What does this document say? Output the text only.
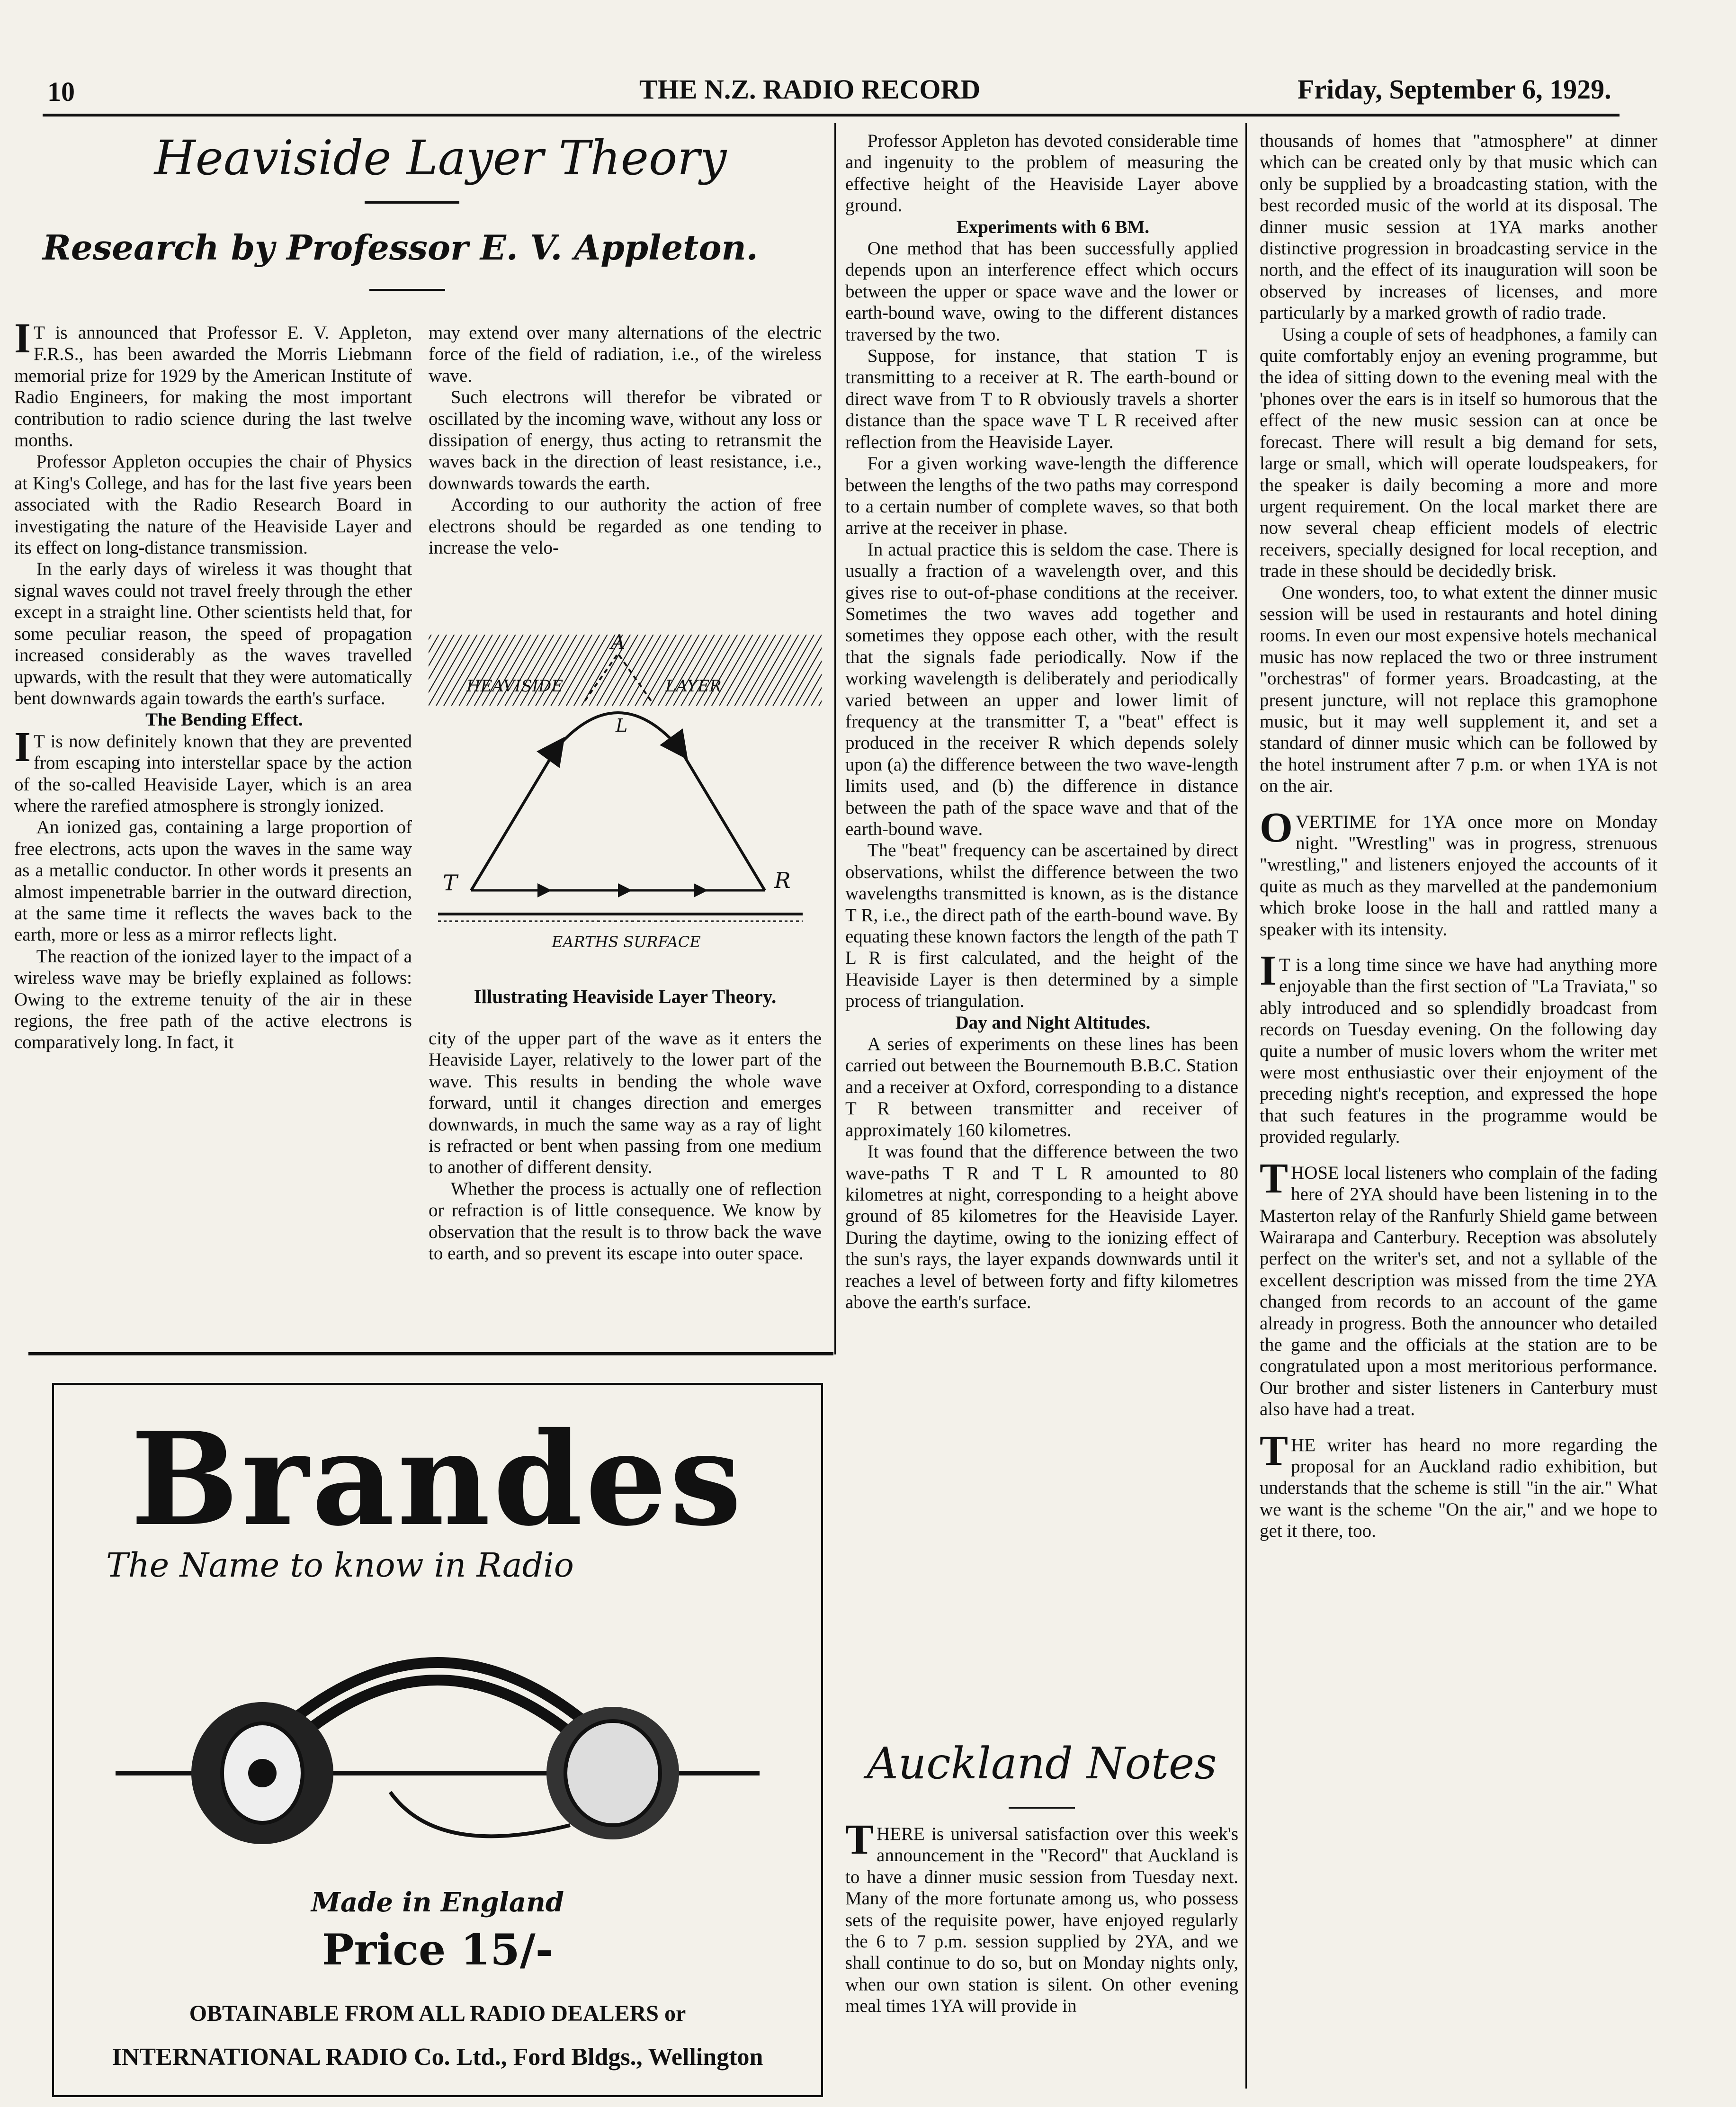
10	THE N.Z. RADIO RECORD	Friday, September 6, 1929.
Heaviside Layer Theory
Research by Professor E. V. Appleton.

IT is announced that Professor E. V. Appleton, F.R.S., has been awarded the Morris Liebmann memorial prize for 1929 by the American Institute of Radio Engineers, for making the most important contribution to radio science during the last twelve months.

Professor Appleton occupies the chair of Physics at King's College, and has for the last five years been associated with the Radio Research Board in investigating the nature of the Heaviside Layer and its effect on long-distance transmission.

In the early days of wireless it was thought that signal waves could not travel freely through the ether except in a straight line. Other scientists held that, for some peculiar reason, the speed of propagation increased considerably as the waves travelled upwards, with the result that they were automatically bent downwards again towards the earth's surface.

The Bending Effect.

IT is now definitely known that they are prevented from escaping into interstellar space by the action of the so-called Heaviside Layer, which is an area where the rarefied atmosphere is strongly ionized.

An ionized gas, containing a large proportion of free electrons, acts upon the waves in the same way as a metallic conductor. In other words it presents an almost impenetrable barrier in the outward direction, at the same time it reflects the waves back to the earth, more or less as a mirror reflects light.

The reaction of the ionized layer to the impact of a wireless wave may be briefly explained as follows: Owing to the extreme tenuity of the air in these regions, the free path of the active electrons is comparatively long. In fact, it

may extend over many alternations of the electric force of the field of radiation, i.e., of the wireless wave.

Such electrons will therefor be vibrated or oscillated by the incoming wave, without any loss or dissipation of energy, thus acting to retransmit the waves back in the direction of least resistance, i.e., downwards towards the earth.

According to our authority the action of free electrons should be regarded as one tending to increase the velo-

HEAVISIDE	LAYER
A
L
T	R
EARTHS SURFACE
Illustrating Heaviside Layer Theory.

city of the upper part of the wave as it enters the Heaviside Layer, relatively to the lower part of the wave. This results in bending the whole wave forward, until it changes direction and emerges downwards, in much the same way as a ray of light is refracted or bent when passing from one medium to another of different density.

Whether the process is actually one of reflection or refraction is of little consequence. We know by observation that the result is to throw back the wave to earth, and so prevent its escape into outer space.

Professor Appleton has devoted considerable time and ingenuity to the problem of measuring the effective height of the Heaviside Layer above ground.

Experiments with 6 BM.

One method that has been successfully applied depends upon an interference effect which occurs between the upper or space wave and the lower or earth-bound wave, owing to the different distances traversed by the two.

Suppose, for instance, that station T is transmitting to a receiver at R. The earth-bound or direct wave from T to R obviously travels a shorter distance than the space wave T L R received after reflection from the Heaviside Layer.

For a given working wave-length the difference between the lengths of the two paths may correspond to a certain number of complete waves, so that both arrive at the receiver in phase.

In actual practice this is seldom the case. There is usually a fraction of a wavelength over, and this gives rise to out-of-phase conditions at the receiver. Sometimes the two waves add together and sometimes they oppose each other, with the result that the signals fade periodically. Now if the working wavelength is deliberately and periodically varied between an upper and lower limit of frequency at the transmitter T, a "beat" effect is produced in the receiver R which depends solely upon (a) the difference between the two wave-length limits used, and (b) the difference in distance between the path of the space wave and that of the earth-bound wave.

The "beat" frequency can be ascertained by direct observations, whilst the difference between the two wavelengths transmitted is known, as is the distance T R, i.e., the direct path of the earth-bound wave. By equating these known factors the length of the path T L R is first calculated, and the height of the Heaviside Layer is then determined by a simple process of triangulation.

Day and Night Altitudes.

A series of experiments on these lines has been carried out between the Bournemouth B.B.C. Station and a receiver at Oxford, corresponding to a distance T R between transmitter and receiver of approximately 160 kilometres.

It was found that the difference between the two wave-paths T R and T L R amounted to 80 kilometres at night, corresponding to a height above ground of 85 kilometres for the Heaviside Layer. During the daytime, owing to the ionizing effect of the sun's rays, the layer expands downwards until it reaches a level of between forty and fifty kilometres above the earth's surface.

Auckland Notes

THERE is universal satisfaction over this week's announcement in the "Record" that Auckland is to have a dinner music session from Tuesday next. Many of the more fortunate among us, who possess sets of the requisite power, have enjoyed regularly the 6 to 7 p.m. session supplied by 2YA, and we shall continue to do so, but on Monday nights only, when our own station is silent. On other evening meal times 1YA will provide in

thousands of homes that "atmosphere" at dinner which can be created only by that music which can only be supplied by a broadcasting station, with the best recorded music of the world at its disposal. The dinner music session at 1YA marks another distinctive progression in broadcasting service in the north, and the effect of its inauguration will soon be observed by increases of licenses, and more particularly by a marked growth of radio trade.

Using a couple of sets of headphones, a family can quite comfortably enjoy an evening programme, but the idea of sitting down to the evening meal with the 'phones over the ears is in itself so humorous that the effect of the new music session can at once be forecast. There will result a big demand for sets, large or small, which will operate loudspeakers, for the speaker is daily becoming a more and more urgent requirement. On the local market there are now several cheap efficient models of electric receivers, specially designed for local reception, and trade in these should be decidedly brisk.

One wonders, too, to what extent the dinner music session will be used in restaurants and hotel dining rooms. In even our most expensive hotels mechanical music has now replaced the two or three instrument "orchestras" of former years. Broadcasting, at the present juncture, will not replace this gramophone music, but it may well supplement it, and set a standard of dinner music which can be followed by the hotel instrument after 7 p.m. or when 1YA is not on the air.

OVERTIME for 1YA once more on Monday night. "Wrestling" was in progress, strenuous "wrestling," and listeners enjoyed the accounts of it quite as much as they marvelled at the pandemonium which broke loose in the hall and rattled many a speaker with its intensity.

IT is a long time since we have had anything more enjoyable than the first section of "La Traviata," so ably introduced and so splendidly broadcast from records on Tuesday evening. On the following day quite a number of music lovers whom the writer met were most enthusiastic over their enjoyment of the preceding night's reception, and expressed the hope that such features in the programme would be provided regularly.

THOSE local listeners who complain of the fading here of 2YA should have been listening in to the Masterton relay of the Ranfurly Shield game between Wairarapa and Canterbury. Reception was absolutely perfect on the writer's set, and not a syllable of the excellent description was missed from the time 2YA changed from records to an account of the game already in progress. Both the announcer who detailed the game and the officials at the station are to be congratulated upon a most meritorious performance. Our brother and sister listeners in Canterbury must also have had a treat.

THE writer has heard no more regarding the proposal for an Auckland radio exhibition, but understands that the scheme is still "in the air." What we want is the scheme "On the air," and we hope to get it there, too.

Brandes
The Name to know in Radio
Made in England
Price 15/-
OBTAINABLE FROM ALL RADIO DEALERS or
INTERNATIONAL RADIO Co. Ltd., Ford Bldgs., Wellington
